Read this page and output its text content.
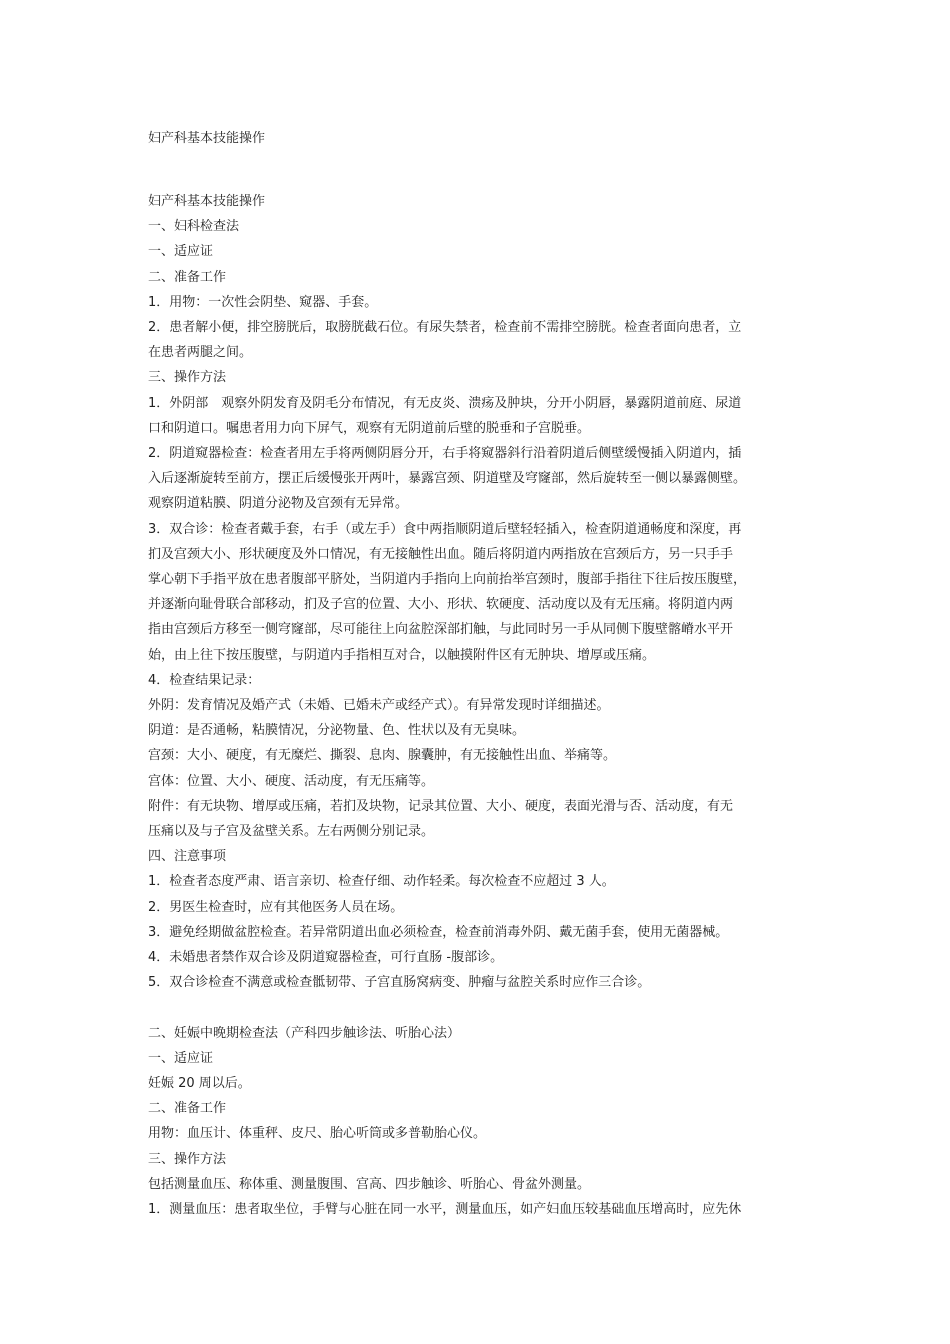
妇产科基本技能操作

妇产科基本技能操作

一、妇科检查法

一、适应证

二、准备工作

1．用物：一次性会阴垫、窥器、手套。

2．患者解小便，排空膀胱后，取膀胱截石位。有尿失禁者，检查前不需排空膀胱。检查者面向患者，立

在患者两腿之间。

三、操作方法

1．外阴部　观察外阴发育及阴毛分布情况，有无皮炎、溃疡及肿块，分开小阴唇，暴露阴道前庭、尿道

口和阴道口。嘱患者用力向下屏气，观察有无阴道前后壁的脱垂和子宫脱垂。

2．阴道窥器检查：检查者用左手将两侧阴唇分开，右手将窥器斜行沿着阴道后侧壁缓慢插入阴道内，插

入后逐渐旋转至前方，摆正后缓慢张开两叶，暴露宫颈、阴道壁及穹窿部，然后旋转至一侧以暴露侧壁。

观察阴道粘膜、阴道分泌物及宫颈有无异常。

3．双合诊：检查者戴手套，右手（或左手）食中两指顺阴道后壁轻轻插入，检查阴道通畅度和深度，再

扪及宫颈大小、形状硬度及外口情况，有无接触性出血。随后将阴道内两指放在宫颈后方，另一只手手

掌心朝下手指平放在患者腹部平脐处，当阴道内手指向上向前抬举宫颈时，腹部手指往下往后按压腹壁，

并逐渐向耻骨联合部移动，扪及子宫的位置、大小、形状、软硬度、活动度以及有无压痛。将阴道内两

指由宫颈后方移至一侧穹窿部，尽可能往上向盆腔深部扪触，与此同时另一手从同侧下腹壁髂嵴水平开

始，由上往下按压腹壁，与阴道内手指相互对合，以触摸附件区有无肿块、增厚或压痛。

4．检查结果记录：

外阴：发育情况及婚产式（未婚、已婚未产或经产式）。有异常发现时详细描述。

阴道：是否通畅，粘膜情况，分泌物量、色、性状以及有无臭味。

宫颈：大小、硬度，有无糜烂、撕裂、息肉、腺囊肿，有无接触性出血、举痛等。

宫体：位置、大小、硬度、活动度，有无压痛等。

附件：有无块物、增厚或压痛，若扪及块物，记录其位置、大小、硬度，表面光滑与否、活动度，有无

压痛以及与子宫及盆壁关系。左右两侧分别记录。

四、注意事项

1．检查者态度严肃、语言亲切、检查仔细、动作轻柔。每次检查不应超过 3 人。

2．男医生检查时，应有其他医务人员在场。

3．避免经期做盆腔检查。若异常阴道出血必须检查，检查前消毒外阴、戴无菌手套，使用无菌器械。

4．未婚患者禁作双合诊及阴道窥器检查，可行直肠 -腹部诊。

5．双合诊检查不满意或检查骶韧带、子宫直肠窝病变、肿瘤与盆腔关系时应作三合诊。

二、妊娠中晚期检查法（产科四步触诊法、听胎心法）

一、适应证

妊娠 20 周以后。

二、准备工作

用物：血压计、体重秤、皮尺、胎心听筒或多普勒胎心仪。

三、操作方法

包括测量血压、称体重、测量腹围、宫高、四步触诊、听胎心、骨盆外测量。

1．测量血压：患者取坐位，手臂与心脏在同一水平，测量血压，如产妇血压较基础血压增高时，应先休
